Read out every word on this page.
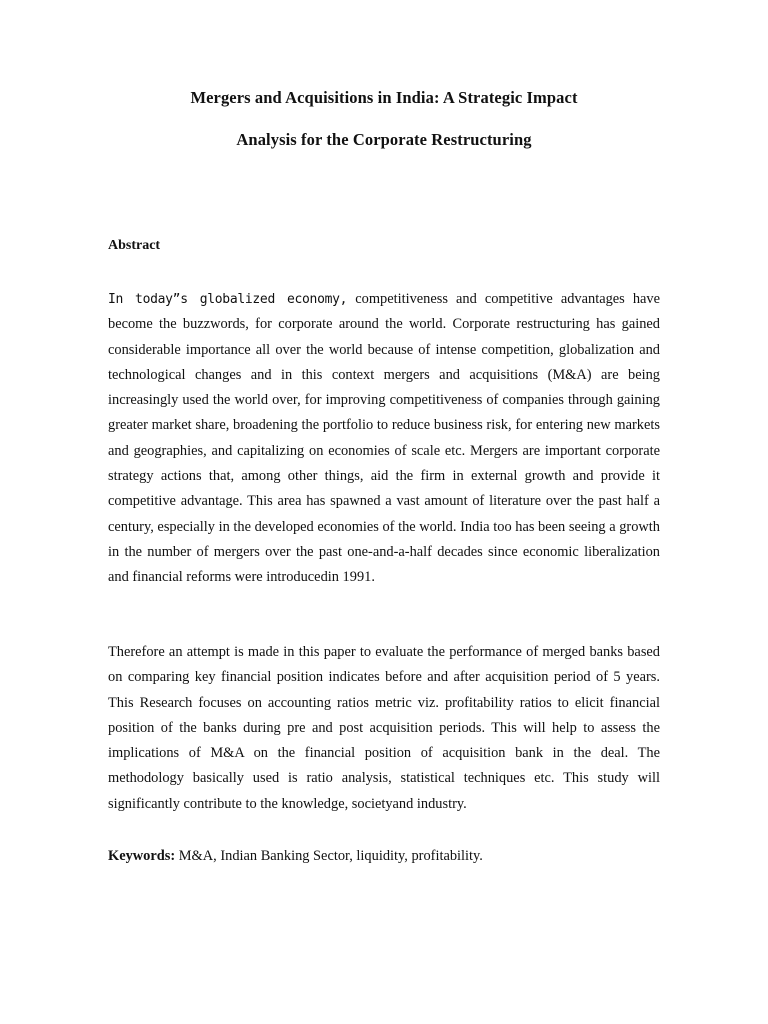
Mergers and Acquisitions in India: A Strategic Impact
Analysis for the Corporate Restructuring
Abstract

In today”s globalized economy, competitiveness and competitive advantages have become the buzzwords, for corporate around the world. Corporate restructuring has gained considerable importance all over the world because of intense competition, globalization and technological changes and in this context mergers and acquisitions (M&A) are being increasingly used the world over, for improving competitiveness of companies through gaining greater market share, broadening the portfolio to reduce business risk, for entering new markets and geographies, and capitalizing on economies of scale etc. Mergers are important corporate strategy actions that, among other things, aid the firm in external growth and provide it competitive advantage. This area has spawned a vast amount of literature over the past half a century, especially in the developed economies of the world. India too has been seeing a growth in the number of mergers over the past one-and-a-half decades since economic liberalization and financial reforms were introducedin 1991.

Therefore an attempt is made in this paper to evaluate the performance of merged banks based on comparing key financial position indicates before and after acquisition period of 5 years. This Research focuses on accounting ratios metric viz. profitability ratios to elicit financial position of the banks during pre and post acquisition periods. This will help to assess the implications of M&A on the financial position of acquisition bank in the deal. The methodology basically used is ratio analysis, statistical techniques etc. This study will significantly contribute to the knowledge, societyand industry.

Keywords: M&A, Indian Banking Sector, liquidity, profitability.
